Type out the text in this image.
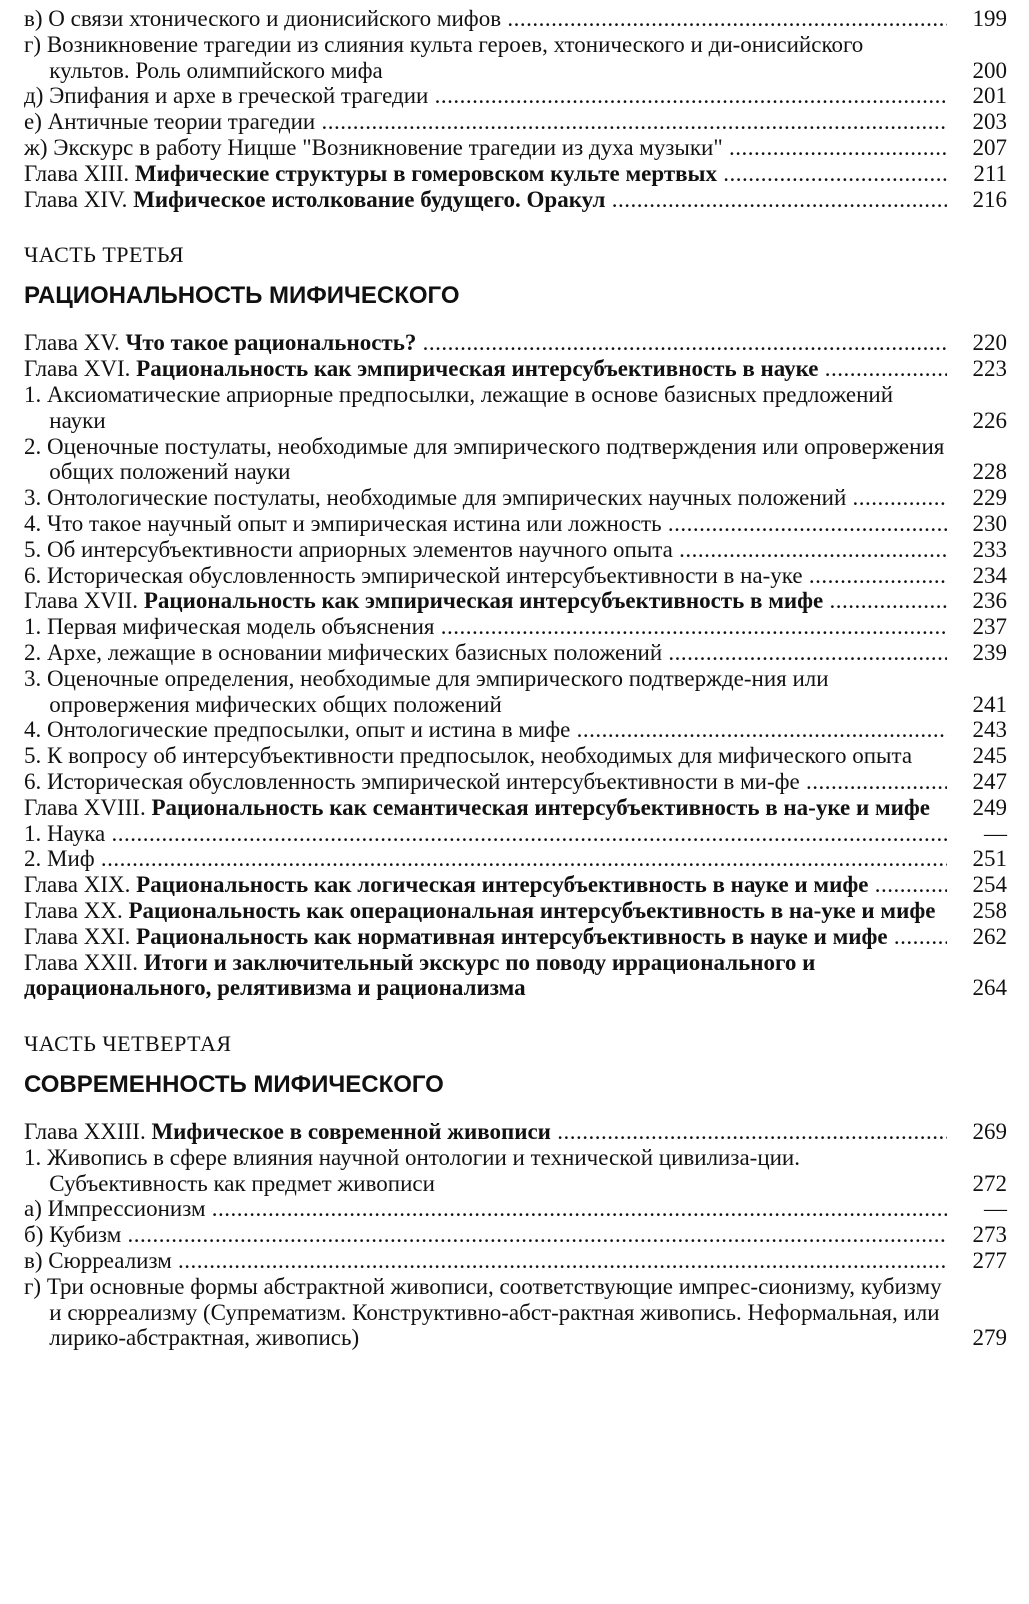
в) О связи хтонического и дионисийского мифов .....	199
г) Возникновение трагедии из слияния культа героев, хтонического и ди-онисийского культов. Роль олимпийского мифа	200
д) Эпифания и архе в греческой трагедии .....	201
е) Античные теории трагедии .....	203
ж) Экскурс в работу Ницше "Возникновение трагедии из духа музыки" .....	207
Глава XIII. Мифические структуры в гомеровском культе мертвых .....	211
Глава XIV. Мифическое истолкование будущего. Оракул .....	216
ЧАСТЬ ТРЕТЬЯ
РАЦИОНАЛЬНОСТЬ МИФИЧЕСКОГО
Глава XV. Что такое рациональность? .....	220
Глава XVI. Рациональность как эмпирическая интерсубъективность в науке .....	223
1. Аксиоматические априорные предпосылки, лежащие в основе базисных предложений науки	226
2. Оценочные постулаты, необходимые для эмпирического подтверждения или опровержения общих положений науки	228
3. Онтологические постулаты, необходимые для эмпирических научных положений .....	229
4. Что такое научный опыт и эмпирическая истина или ложность .....	230
5. Об интерсубъективности априорных элементов научного опыта .....	233
6. Историческая обусловленность эмпирической интерсубъективности в на-уке .....	234
Глава XVII. Рациональность как эмпирическая интерсубъективность в мифе .....	236
1. Первая мифическая модель объяснения .....	237
2. Архе, лежащие в основании мифических базисных положений .....	239
3. Оценочные определения, необходимые для эмпирического подтвержде-ния или опровержения мифических общих положений	241
4. Онтологические предпосылки, опыт и истина в мифе .....	243
5. К вопросу об интерсубъективности предпосылок, необходимых для мифического опыта	245
6. Историческая обусловленность эмпирической интерсубъективности в ми-фе .....	247
Глава XVIII. Рациональность как семантическая интерсубъективность в на-уке и мифе	249
1. Наука .....	—
2. Миф .....	251
Глава XIX. Рациональность как логическая интерсубъективность в науке и мифе .....	254
Глава XX. Рациональность как операциональная интерсубъективность в на-уке и мифе	258
Глава XXI. Рациональность как нормативная интерсубъективность в науке и мифе .....	262
Глава XXII. Итоги и заключительный экскурс по поводу иррационального и дорационального, релятивизма и рационализма	264
ЧАСТЬ ЧЕТВЕРТАЯ
СОВРЕМЕННОСТЬ МИФИЧЕСКОГО
Глава XXIII. Мифическое в современной живописи .....	269
1. Живопись в сфере влияния научной онтологии и технической цивилиза-ции. Субъективность как предмет живописи	272
а) Импрессионизм .....	—
б) Кубизм .....	273
в) Сюрреализм .....	277
г) Три основные формы абстрактной живописи, соответствующие импрес-сионизму, кубизму и сюрреализму (Супрематизм. Конструктивно-абст-рактная живопись. Неформальная, или лирико-абстрактная, живопись)	279
